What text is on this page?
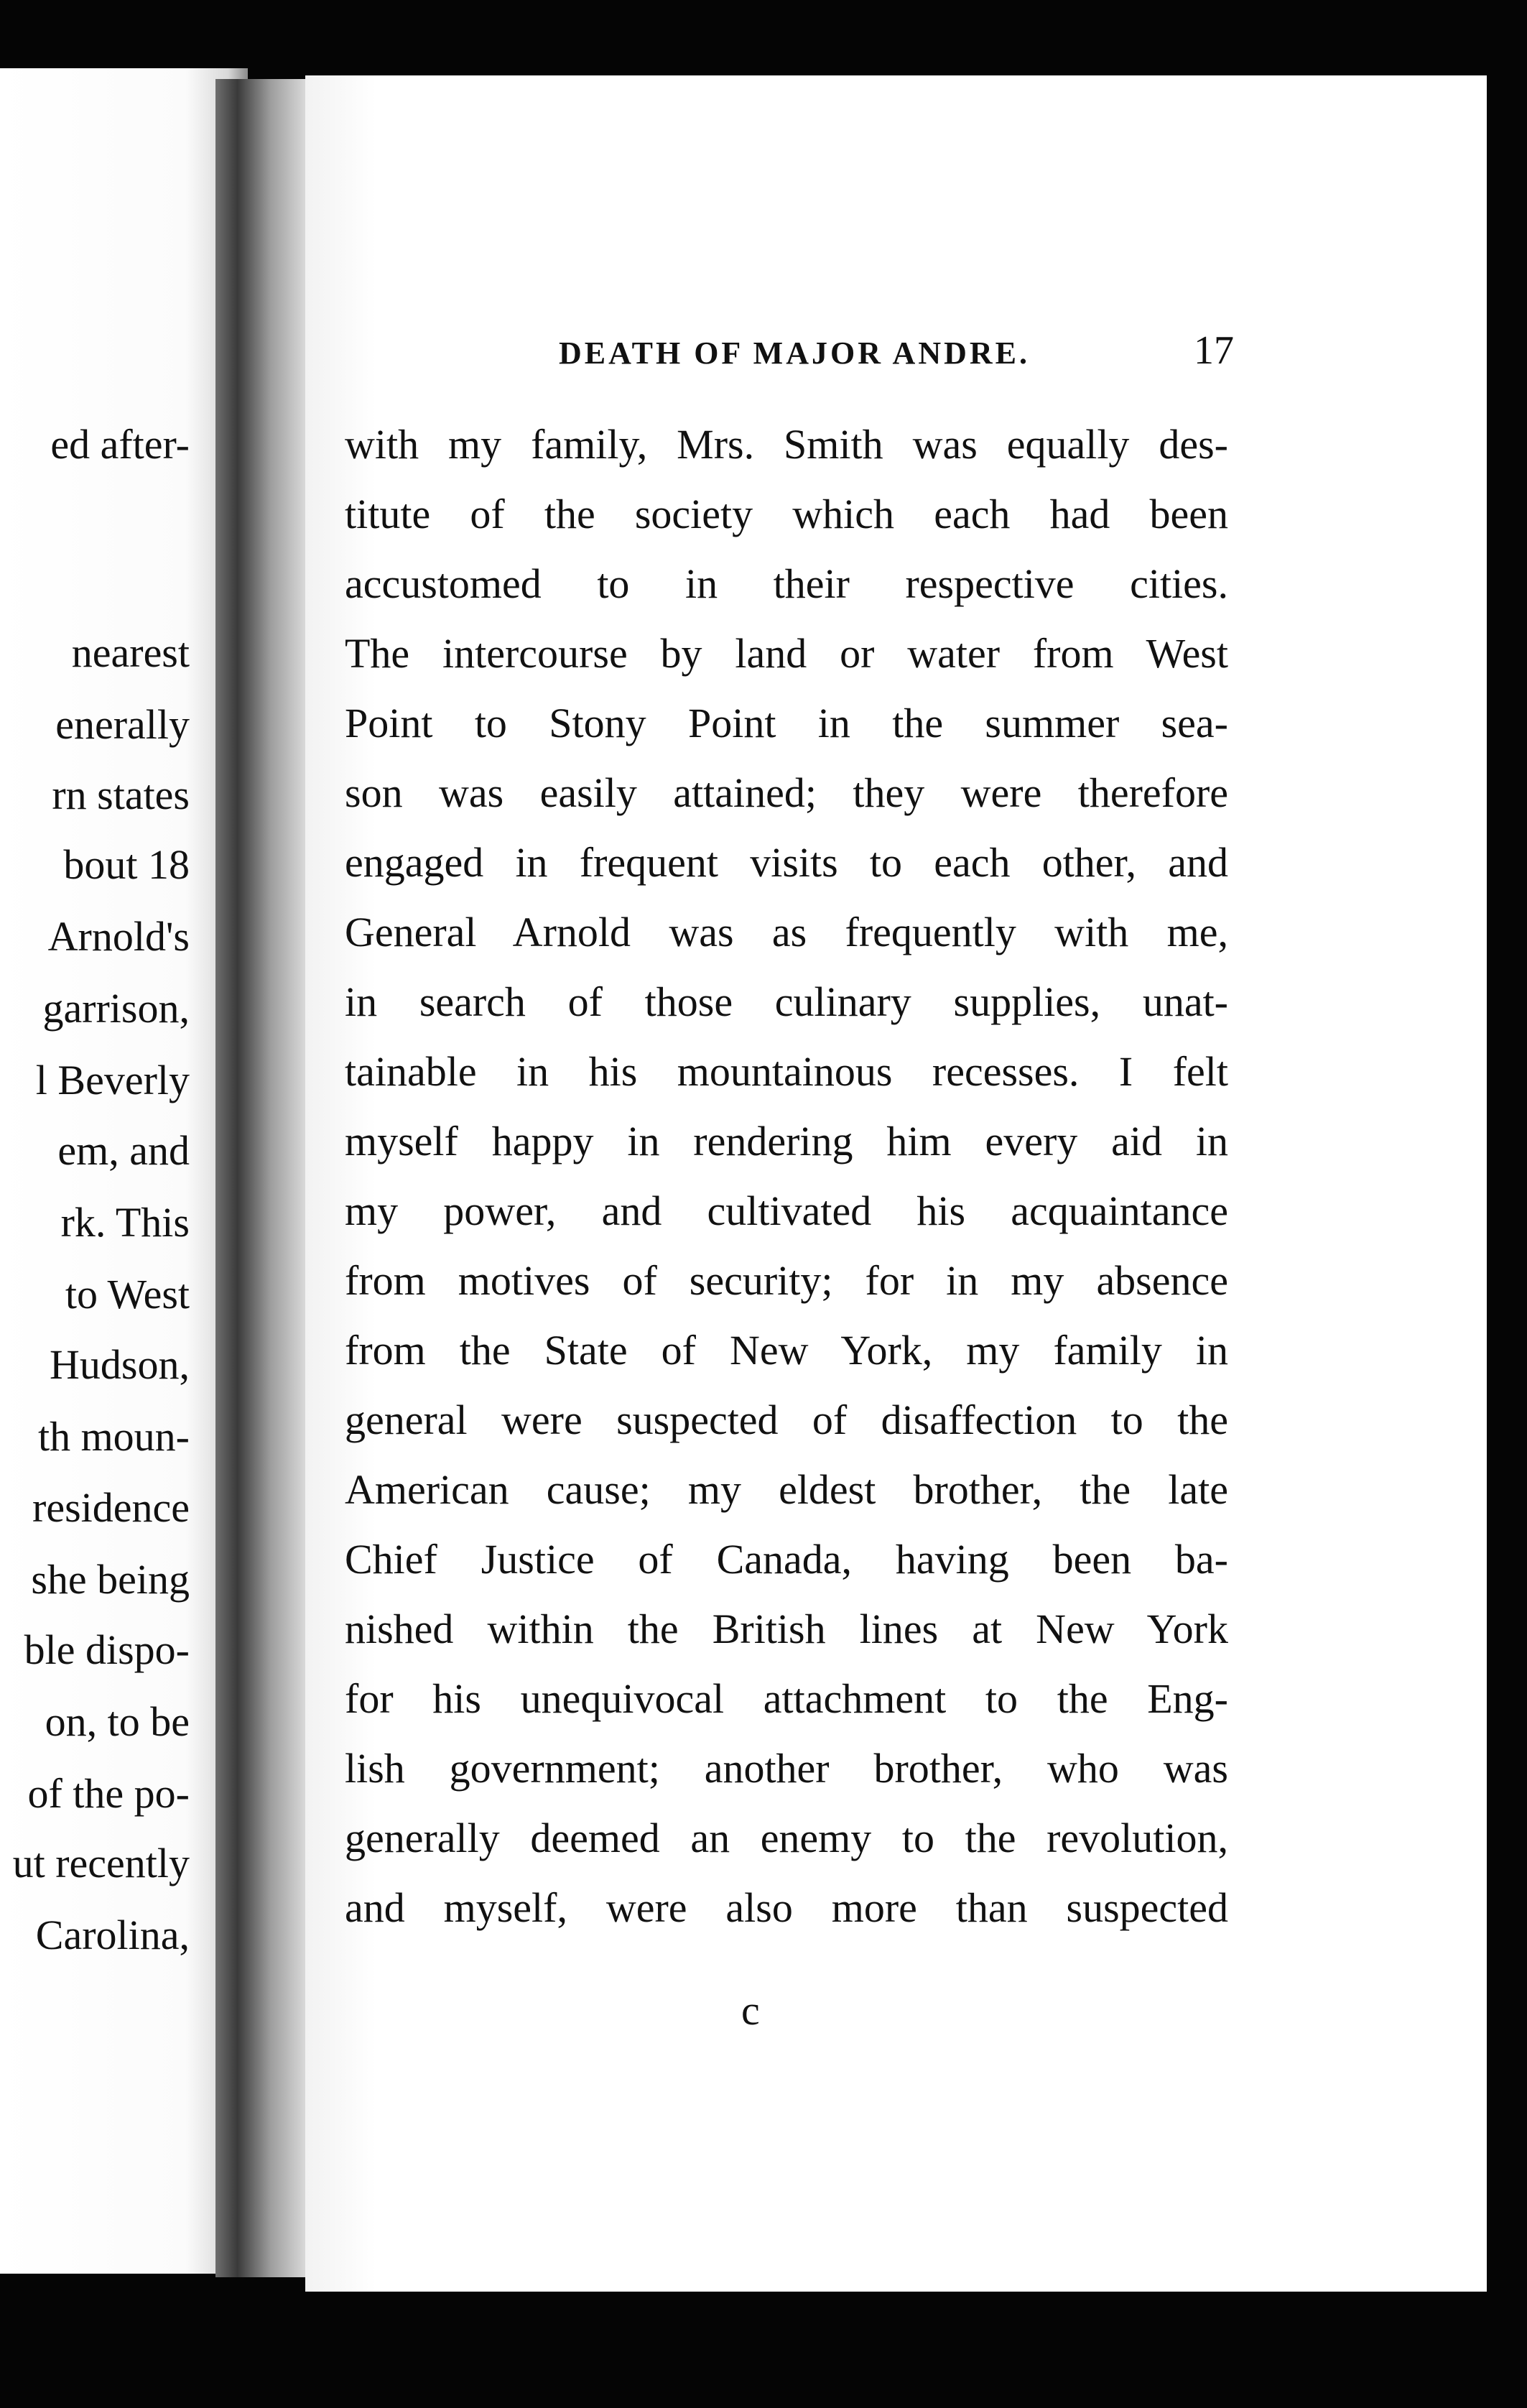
ed after-
nearest
enerally
rn states
bout 18
Arnold's
garrison,
l Beverly
em, and
rk. This
to West
Hudson,
th moun-
residence
she being
ble dispo-
on, to be
of the po-
ut recently
Carolina,
DEATH OF MAJOR ANDRE.	17
with my family, Mrs. Smith was equally des-
titute of the society which each had been
accustomed to in their respective cities.
The intercourse by land or water from West
Point to Stony Point in the summer sea-
son was easily attained; they were therefore
engaged in frequent visits to each other, and
General Arnold was as frequently with me,
in search of those culinary supplies, unat-
tainable in his mountainous recesses. I felt
myself happy in rendering him every aid in
my power, and cultivated his acquaintance
from motives of security; for in my absence
from the State of New York, my family in
general were suspected of disaffection to the
American cause; my eldest brother, the late
Chief Justice of Canada, having been ba-
nished within the British lines at New York
for his unequivocal attachment to the Eng-
lish government; another brother, who was
generally deemed an enemy to the revolution,
and myself, were also more than suspected
c
